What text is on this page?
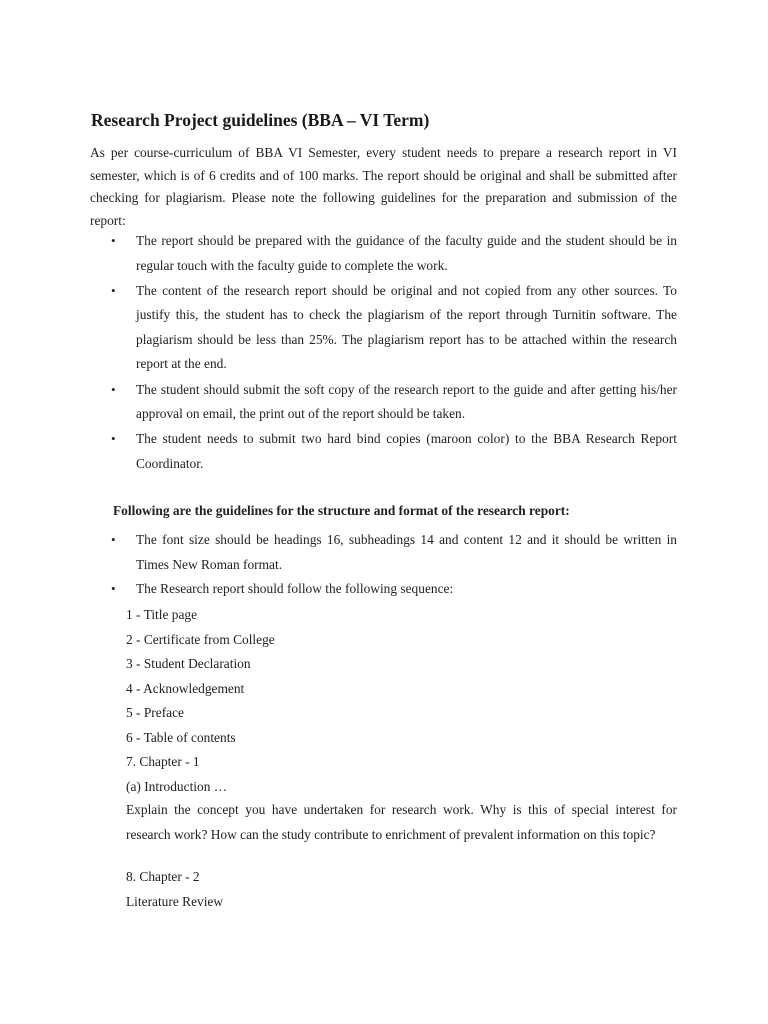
Research Project guidelines (BBA – VI Term)

As per course-curriculum of BBA VI Semester, every student needs to prepare a research report in VI semester, which is of 6 credits and of 100 marks. The report should be original and shall be submitted after checking for plagiarism. Please note the following guidelines for the preparation and submission of the report:

• The report should be prepared with the guidance of the faculty guide and the student should be in regular touch with the faculty guide to complete the work.
• The content of the research report should be original and not copied from any other sources. To justify this, the student has to check the plagiarism of the report through Turnitin software. The plagiarism should be less than 25%. The plagiarism report has to be attached within the research report at the end.
• The student should submit the soft copy of the research report to the guide and after getting his/her approval on email, the print out of the report should be taken.
• The student needs to submit two hard bind copies (maroon color) to the BBA Research Report Coordinator.
Following are the guidelines for the structure and format of the research report:
• The font size should be headings 16, subheadings 14 and content 12 and it should be written in Times New Roman format.
• The Research report should follow the following sequence:
1 - Title page
2 - Certificate from College
3 - Student Declaration
4 - Acknowledgement
5 - Preface
6 - Table of contents
7. Chapter - 1
(a) Introduction …

Explain the concept you have undertaken for research work. Why is this of special interest for research work? How can the study contribute to enrichment of prevalent information on this topic?

8. Chapter - 2
Literature Review
